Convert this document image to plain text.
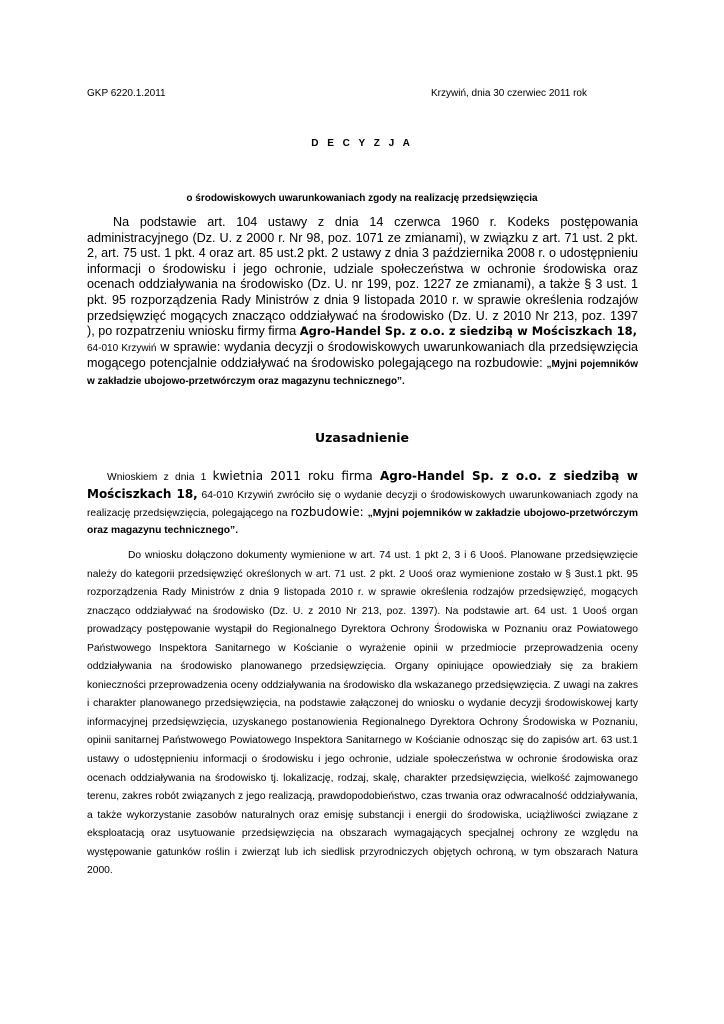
GKP 6220.1.2011	Krzywiń, dnia 30 czerwiec 2011 rok
D E C Y Z J A
o środowiskowych uwarunkowaniach zgody na realizację przedsięwzięcia
Na podstawie art. 104 ustawy z dnia 14 czerwca 1960 r. Kodeks postępowania administracyjnego (Dz. U. z 2000 r. Nr 98, poz. 1071 ze zmianami), w związku z art. 71 ust. 2 pkt. 2, art. 75 ust. 1 pkt. 4 oraz art. 85 ust.2 pkt. 2 ustawy z dnia 3 października 2008 r. o udostępnieniu informacji o środowisku i jego ochronie, udziale społeczeństwa w ochronie środowiska oraz ocenach oddziaływania na środowisko (Dz. U. nr 199, poz. 1227 ze zmianami), a także § 3 ust. 1 pkt. 95 rozporządzenia Rady Ministrów z dnia 9 listopada 2010 r. w sprawie określenia rodzajów przedsięwzięć mogących znacząco oddziaływać na środowisko (Dz. U. z 2010 Nr 213, poz. 1397 ), po rozpatrzeniu wniosku firmy firma Agro-Handel Sp. z o.o. z siedzibą w Mościszkach 18,
64-010 Krzywiń w sprawie: wydania decyzji o środowiskowych uwarunkowaniach dla przedsięwzięcia mogącego potencjalnie oddziaływać na środowisko polegającego na rozbudowie: „Myjni pojemników w zakładzie ubojowo-przetwórczym oraz magazynu technicznego”.
Uzasadnienie
Wnioskiem z dnia 1 kwietnia 2011 roku firma Agro-Handel Sp. z o.o. z siedzibą w Mościszkach 18, 64-010 Krzywiń zwróciło się o wydanie decyzji o środowiskowych uwarunkowaniach zgody na realizację przedsięwzięcia, polegającego na rozbudowie: „Myjni pojemników w zakładzie ubojowo-przetwórczym oraz magazynu technicznego”.
Do wniosku dołączono dokumenty wymienione w art. 74 ust. 1 pkt 2, 3 i 6 Uooś. Planowane przedsięwzięcie należy do kategorii przedsięwzięć określonych w art. 71 ust. 2 pkt. 2 Uooś oraz wymienione zostało w § 3ust.1 pkt. 95 rozporządzenia Rady Ministrów z dnia 9 listopada 2010 r. w sprawie określenia rodzajów przedsięwzięć, mogących znacząco oddziaływać na środowisko (Dz. U. z 2010 Nr 213, poz. 1397). Na podstawie art. 64 ust. 1 Uooś organ prowadzący postępowanie wystąpił do Regionalnego Dyrektora Ochrony Środowiska w Poznaniu oraz Powiatowego Państwowego Inspektora Sanitarnego w Kościanie o wyrażenie opinii w przedmiocie przeprowadzenia oceny oddziaływania na środowisko planowanego przedsięwzięcia. Organy opiniujące opowiedziały się za brakiem konieczności przeprowadzenia oceny oddziaływania na środowisko dla wskazanego przedsięwzięcia. Z uwagi na zakres i charakter planowanego przedsięwzięcia, na podstawie załączonej do wniosku o wydanie decyzji środowiskowej karty informacyjnej przedsięwzięcia, uzyskanego postanowienia Regionalnego Dyrektora Ochrony Środowiska w Poznaniu, opinii sanitarnej Państwowego Powiatowego Inspektora Sanitarnego w Kościanie odnosząc się do zapisów art. 63 ust.1 ustawy o udostępnieniu informacji o środowisku i jego ochronie, udziale społeczeństwa w ochronie środowiska oraz ocenach oddziaływania na środowisko tj. lokalizację, rodzaj, skalę, charakter przedsięwzięcia, wielkość zajmowanego terenu, zakres robót związanych z jego realizacją, prawdopodobieństwo, czas trwania oraz odwracalność oddziaływania, a także wykorzystanie zasobów naturalnych oraz emisję substancji i energii do środowiska, uciążliwości związane z eksploatacją oraz usytuowanie przedsięwzięcia na obszarach wymagających specjalnej ochrony ze względu na występowanie gatunków roślin i zwierząt lub ich siedlisk przyrodniczych objętych ochroną, w tym obszarach Natura 2000.
